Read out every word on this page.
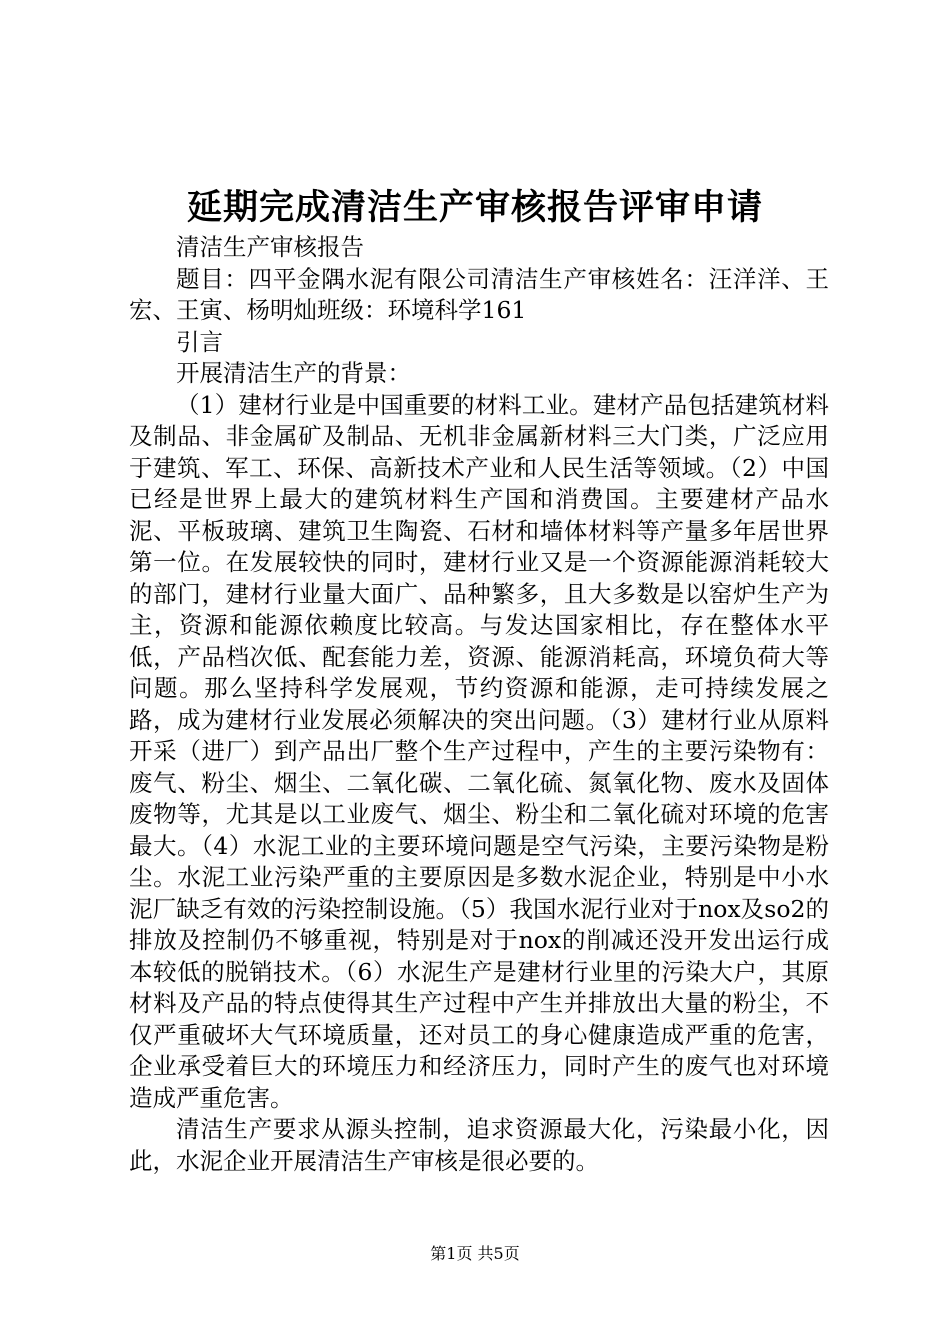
延期完成清洁生产审核报告评审申请

清洁生产审核报告

题目：四平金隅水泥有限公司清洁生产审核姓名：汪洋洋、王宏、王寅、杨明灿班级：环境科学161

引言

开展清洁生产的背景：

（1）建材行业是中国重要的材料工业。建材产品包括建筑材料及制品、非金属矿及制品、无机非金属新材料三大门类，广泛应用于建筑、军工、环保、高新技术产业和人民生活等领域。（2）中国已经是世界上最大的建筑材料生产国和消费国。主要建材产品水泥、平板玻璃、建筑卫生陶瓷、石材和墙体材料等产量多年居世界第一位。在发展较快的同时，建材行业又是一个资源能源消耗较大的部门，建材行业量大面广、品种繁多，且大多数是以窑炉生产为主，资源和能源依赖度比较高。与发达国家相比，存在整体水平低，产品档次低、配套能力差，资源、能源消耗高，环境负荷大等问题。那么坚持科学发展观，节约资源和能源，走可持续发展之路，成为建材行业发展必须解决的突出问题。（3）建材行业从原料开采（进厂）到产品出厂整个生产过程中，产生的主要污染物有：废气、粉尘、烟尘、二氧化碳、二氧化硫、氮氧化物、废水及固体废物等，尤其是以工业废气、烟尘、粉尘和二氧化硫对环境的危害最大。（4）水泥工业的主要环境问题是空气污染，主要污染物是粉尘。水泥工业污染严重的主要原因是多数水泥企业，特别是中小水泥厂缺乏有效的污染控制设施。（5）我国水泥行业对于nox及so2的排放及控制仍不够重视，特别是对于nox的削减还没开发出运行成本较低的脱销技术。（6）水泥生产是建材行业里的污染大户，其原材料及产品的特点使得其生产过程中产生并排放出大量的粉尘，不仅严重破坏大气环境质量，还对员工的身心健康造成严重的危害，企业承受着巨大的环境压力和经济压力，同时产生的废气也对环境造成严重危害。

清洁生产要求从源头控制，追求资源最大化，污染最小化，因此，水泥企业开展清洁生产审核是很必要的。

第1页 共5页
